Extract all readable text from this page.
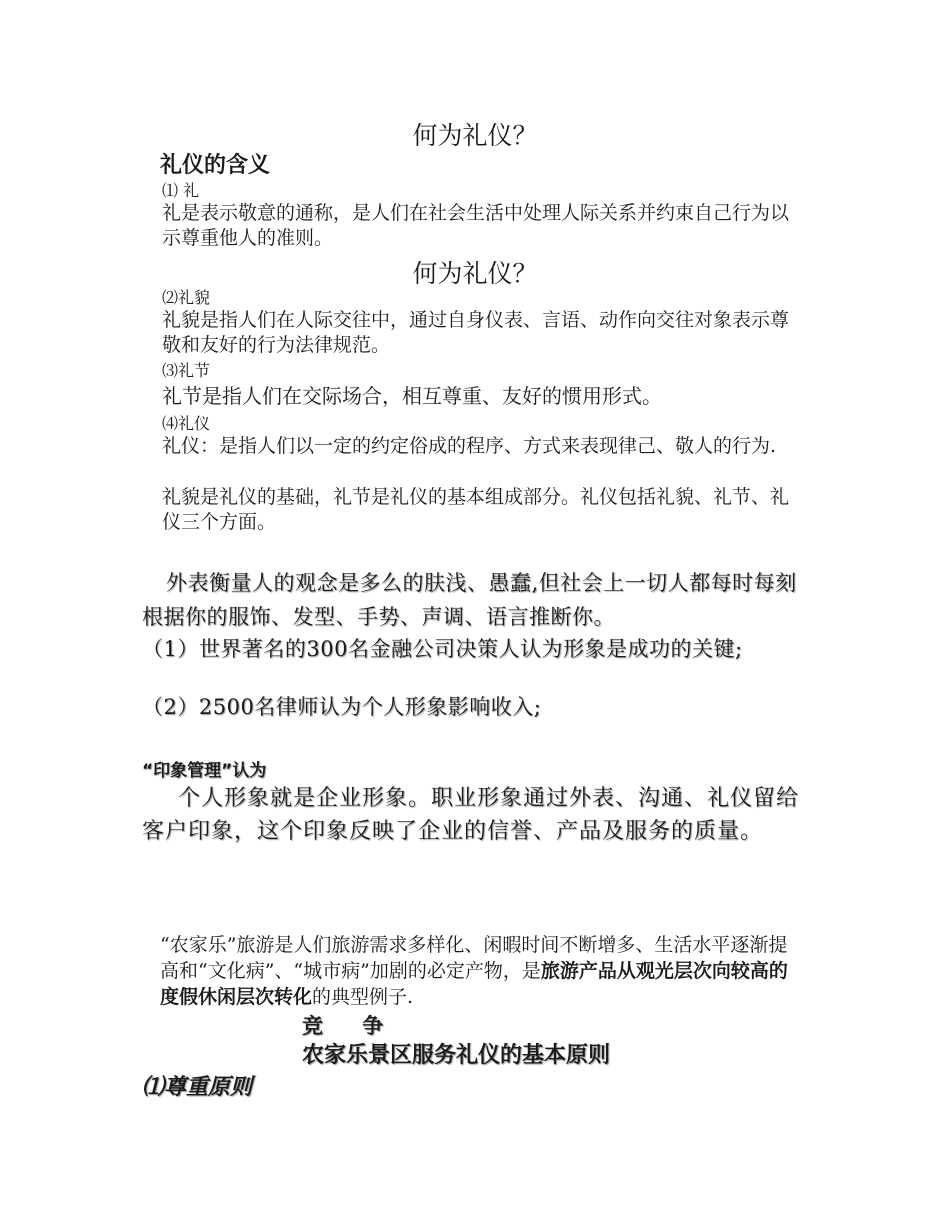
何为礼仪？
礼仪的含义
⑴ 礼
礼是表示敬意的通称，是人们在社会生活中处理人际关系并约束自己行为以示尊重他人的准则。
何为礼仪？
⑵礼貌
礼貌是指人们在人际交往中，通过自身仪表、言语、动作向交往对象表示尊敬和友好的行为法律规范。
⑶礼节
礼节是指人们在交际场合，相互尊重、友好的惯用形式。
⑷礼仪
礼仪：是指人们以一定的约定俗成的程序、方式来表现律己、敬人的行为.
礼貌是礼仪的基础，礼节是礼仪的基本组成部分。礼仪包括礼貌、礼节、礼仪三个方面。
外表衡量人的观念是多么的肤浅、愚蠢,但社会上一切人都每时每刻根据你的服饰、发型、手势、声调、语言推断你。
（1）世界著名的300名金融公司决策人认为形象是成功的关键;
（2）2500名律师认为个人形象影响收入;
“印象管理”认为
个人形象就是企业形象。职业形象通过外表、沟通、礼仪留给客户印象，这个印象反映了企业的信誉、产品及服务的质量。
“农家乐”旅游是人们旅游需求多样化、闲暇时间不断增多、生活水平逐渐提高和“文化病”、“城市病”加剧的必定产物，是旅游产品从观光层次向较高的度假休闲层次转化的典型例子.
竞 争
农家乐景区服务礼仪的基本原则
⑴尊重原则
